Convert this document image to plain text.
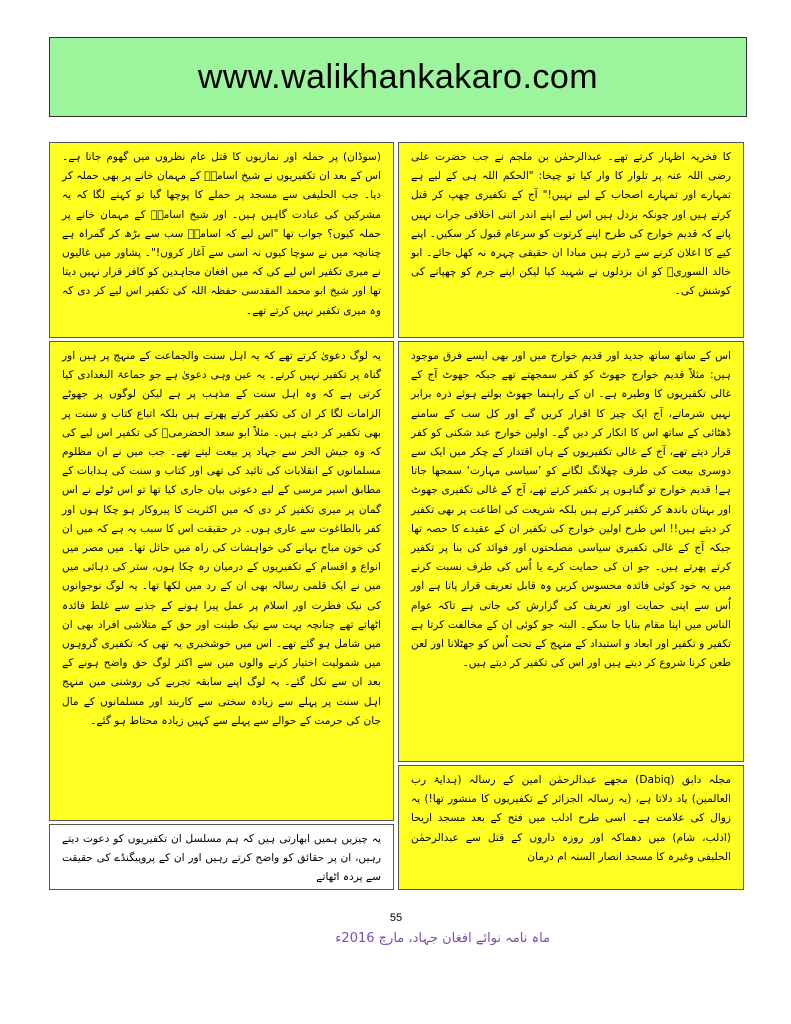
www.walikhankakaro.com
کا فخریہ اظہار کرتے تھے۔ عبدالرحمٰن بن ملجم نے جب حضرت علی رضی اللہ عنہ پر تلوار کا وار کیا تو چیخا: "الحکم اللہ ہی کے لیے ہے تمہارے اور تمہارے اصحاب کے لیے نہیں!" آج کے تکفیری چھپ کر قتل کرتے ہیں اور چونکہ بزدل ہیں اس لیے اپنے اندر اتنی اخلاقی جرات نہیں پاتے کہ قدیم خوارج کی طرح اپنے کرتوت کو سرعام قبول کر سکیں۔ اپنے کیے کا اعلان کرنے سے ڈرتے ہیں مبادا ان حقیقی چہرہ نہ کھل جائے۔ ابو خالد السوریؒ کو ان بزدلوں نے شہید کیا لیکن اپنے جرم کو چھپانے کی کوشش کی۔
اس کے ساتھ ساتھ جدید اور قدیم خوارج میں اور بھی ایسے فرق موجود ہیں: مثلاً قدیم خوارج جھوٹ کو کفر سمجھتے تھے جبکہ جھوٹ آج کے غالی تکفیریوں کا وطیرہ ہے۔ ان کے راہنما جھوٹ بولتے ہوئے ذرہ برابر نہیں شرماتے، آج ایک چیز کا اقرار کریں گے اور کل سب کے سامنے ڈھٹائی کے ساتھ اس کا انکار کر دیں گے۔ اولین خوارج عبد شکنی کو کفر قرار دیتے تھے، آج کے غالی تکفیریوں کے ہاں اقتدار کے چکر میں ایک سے دوسری بیعت کی طرف چھلانگ لگانے کو ’سیاسی مہارت‘ سمجھا جاتا ہے! قدیم خوارج تو گناہوں پر تکفیر کرتے تھے، آج کے غالی تکفیری جھوٹ اور بہتان باندھ کر تکفیر کرتے ہیں بلکہ شریعت کی اطاعت پر بھی تکفیر کر دیتے ہیں!! اس طرح اولین خوارج کی تکفیر ان کے عقیدے کا حصہ تھا جبکہ آج کے غالی تکفیری سیاسی مصلحتوں اور فوائد کی بنا پر تکفیر کرتے پھرتے ہیں۔ جو ان کی حمایت کرے یا اُس کی طرف نسبت کرنے میں یہ خود کوئی فائدہ محسوس کریں وہ قابل تعریف قرار پاتا ہے اور اُس سے اپنی حمایت اور تعریف کی گزارش کی جاتی ہے تاکہ عوام الناس میں اپنا مقام بنایا جا سکے۔ البتہ جو کوئی ان کے مخالفت کرتا ہے تکفیر و تکفیر اور ابعاد و استبداد کے منہج کے تحت اُس کو جھٹلانا اور لعن طعن کرنا شروع کر دیتے ہیں اور اس کی تکفیر کر دیتے ہیں۔
مجلہ دابق (Dabiq) مجھے عبدالرحمٰن امین کے رسالہ (ہدایۃ رب العالمین) یاد دلاتا ہے، (یہ رسالہ الجزائر کے تکفیریوں کا منشور تھا!) یہ زوال کی علامت ہے۔ اسی طرح ادلب میں فتح کے بعد مسجد اریحا (ادلب، شام) میں دھماکہ اور روزہ داروں کے قتل سے عبدالرحمٰن الحلیفی وغیرہ کا مسجد انصار السنہ ام درمان
(سوڈان) پر حملہ اور نمازیوں کا قتل عام نظروں میں گھوم جاتا ہے۔ اس کے بعد ان تکفیریوں نے شیخ اسامہؒ کے مہمان خانے پر بھی حملہ کر دیا۔ جب الحلیفی سے مسجد پر حملے کا پوچھا گیا تو کہنے لگا کہ یہ مشرکین کی عبادت گاہیں ہیں۔ اور شیخ اسامہؒ کے مہمان خانے پر حملہ کیوں؟ جواب تھا "اس لیے کہ اسامہؒ سب سے بڑھ کر گمراہ ہے چنانچہ میں نے سوچا کیوں نہ اسی سے آغاز کروں!"۔ پشاور میں غالیوں نے میری تکفیر اس لیے کی کہ میں افغان مجاہدین کو کافر قرار نہیں دیتا تھا اور شیخ ابو محمد المقدسی حفظہ اللہ کی تکفیر اس لیے کر دی کہ وہ میری تکفیر نہیں کرتے تھے۔
یہ لوگ دعویٰ کرتے تھے کہ یہ اہل سنت والجماعت کے منہج پر ہیں اور گناہ پر تکفیر نہیں کرتے۔ یہ عین وہی دعویٰ ہے جو جماعۃ البغدادی کیا کرتی ہے کہ وہ اہل سنت کے مذہب پر ہے لیکن لوگوں پر جھوٹے الزامات لگا کر ان کی تکفیر کرتے پھرتے ہیں بلکہ اتباع کتاب و سنت پر بھی تکفیر کر دیتے ہیں۔ مثلاً ابو سعد الحضرمیؒ کی تکفیر اس لیے کی کہ وہ جیش الحر سے جہاد پر بیعت لیتے تھے۔ جب میں نے ان مظلوم مسلمانوں کے انقلابات کی تائید کی تھی اور کتاب و سنت کی ہدایات کے مطابق اسیر مرسی کے لیے دعوتی بیان جاری کیا تھا تو اس ٹولے نے اس گمان پر میری تکفیر کر دی کہ میں اکثریت کا پیروکار ہو چکا ہوں اور کفر بالطاغوت سے عاری ہوں۔ در حقیقت اس کا سبب یہ ہے کہ میں ان کی خون مباح بہانے کی خواہشات کی راہ میں حائل تھا۔ میں مصر میں انواع و اقسام کے تکفیریوں کے درمیان رہ چکا ہوں، ستر کی دہائی میں میں نے ایک قلمی رسالہ بھی ان کے رد میں لکھا تھا۔ یہ لوگ نوجوانوں کی نیک فطرت اور اسلام پر عمل پیرا ہونے کے جذبے سے غلط فائدہ اٹھاتے تھے چنانچہ بہت سے نیک طینت اور حق کے متلاشی افراد بھی ان میں شامل ہو گئے تھے۔ اس میں خوشخبری یہ تھی کہ تکفیری گروہوں میں شمولیت اختیار کرنے والوں میں سے اکثر لوگ حق واضح ہونے کے بعد ان سے نکل گئے۔ یہ لوگ اپنے سابقہ تجربے کی روشنی میں منہج اہل سنت پر پہلے سے زیادہ سختی سے کاربند اور مسلمانوں کے مال جان کی حرمت کے حوالے سے پہلے سے کہیں زیادہ محتاط ہو گئے۔
یہ چیزیں ہمیں ابھارتی ہیں کہ ہم مسلسل ان تکفیریوں کو دعوت دیتے رہیں، ان پر حقائق کو واضح کرتے رہیں اور ان کے پروپیگنڈے کی حقیقت سے پردہ اٹھاتے
55
ماہ نامہ نوائے افغان جہاد، مارچ 2016ء
